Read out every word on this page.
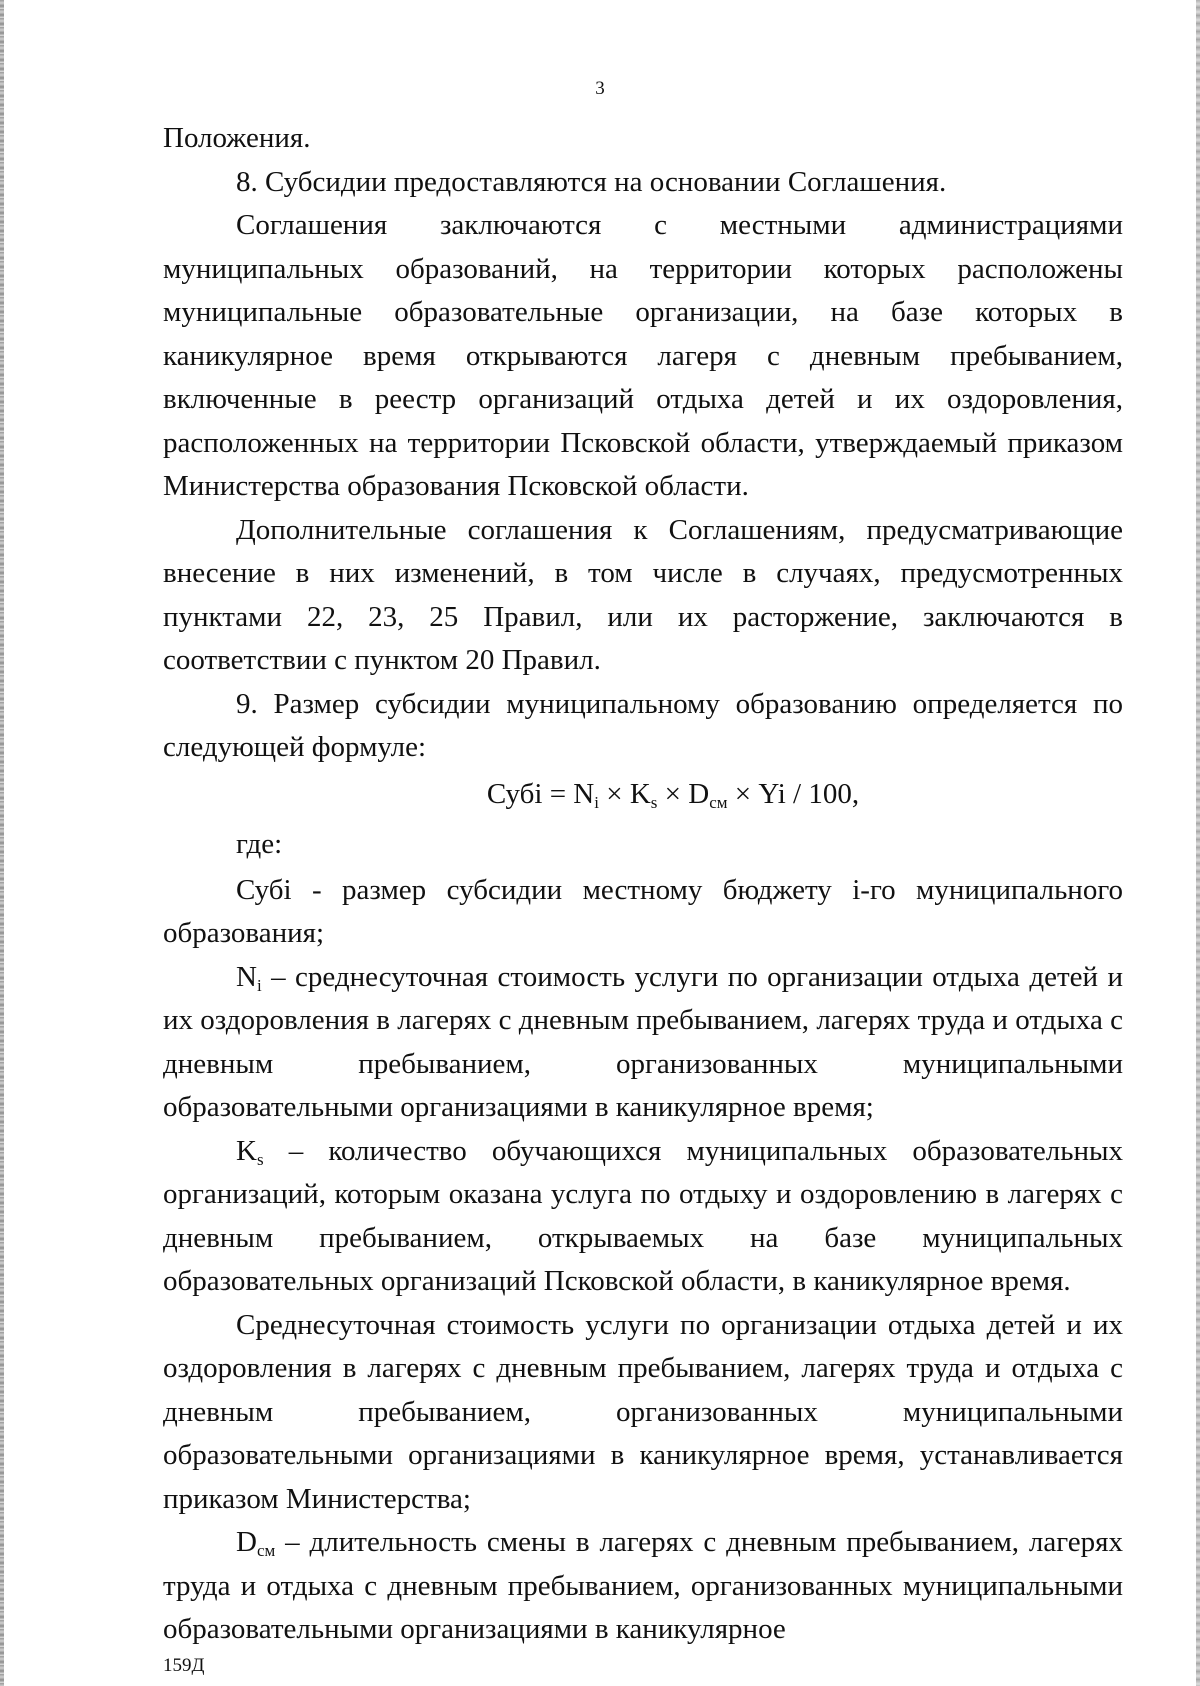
3

Положения.

8. Субсидии предоставляются на основании Соглашения.

Соглашения заключаются с местными администрациями муниципальных образований, на территории которых расположены муниципальные образовательные организации, на базе которых в каникулярное время открываются лагеря с дневным пребыванием, включенные в реестр организаций отдыха детей и их оздоровления, расположенных на территории Псковской области, утверждаемый приказом Министерства образования Псковской области.

Дополнительные соглашения к Соглашениям, предусматривающие внесение в них изменений, в том числе в случаях, предусмотренных пунктами 22, 23, 25 Правил, или их расторжение, заключаются в соответствии с пунктом 20 Правил.

9. Размер субсидии муниципальному образованию определяется по следующей формуле:

Субi = $N_i \times K_s \times D_{см} \times Yi / 100$,

где:

Субi - размер субсидии местному бюджету i-го муниципального образования;

$N_i$ – среднесуточная стоимость услуги по организации отдыха детей и их оздоровления в лагерях с дневным пребыванием, лагерях труда и отдыха с дневным пребыванием, организованных муниципальными образовательными организациями в каникулярное время;

$K_s$ – количество обучающихся муниципальных образовательных организаций, которым оказана услуга по отдыху и оздоровлению в лагерях с дневным пребыванием, открываемых на базе муниципальных образовательных организаций Псковской области, в каникулярное время.

Среднесуточная стоимость услуги по организации отдыха детей и их оздоровления в лагерях с дневным пребыванием, лагерях труда и отдыха с дневным пребыванием, организованных муниципальными образовательными организациями в каникулярное время, устанавливается приказом Министерства;

$D_{см}$ – длительность смены в лагерях с дневным пребыванием, лагерях труда и отдыха с дневным пребыванием, организованных муниципальными образовательными организациями в каникулярное

159Д
